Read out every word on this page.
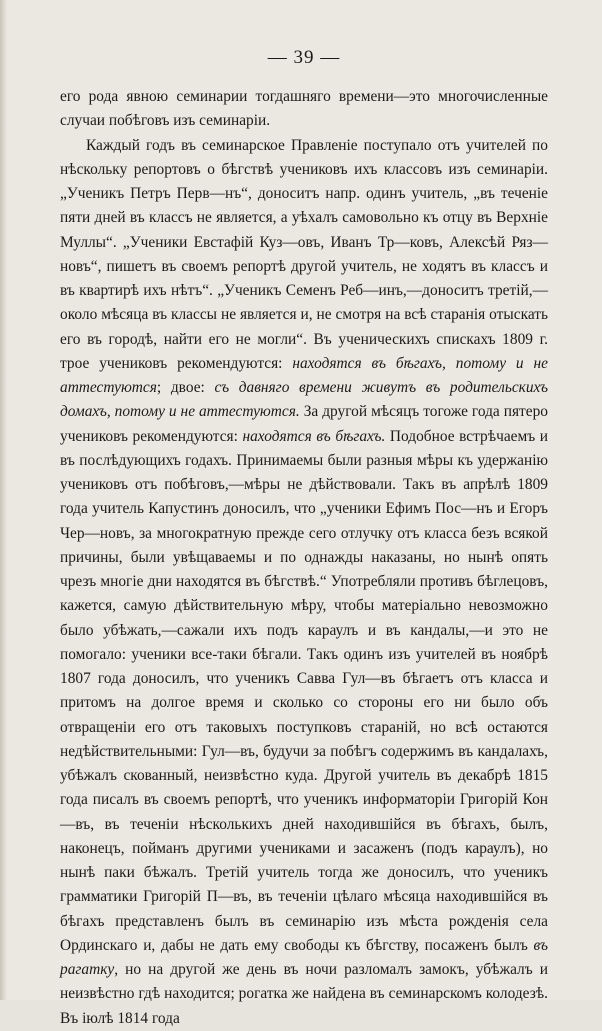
— 39 —

его рода явною семинарии тогдашняго времени—это многочисленные случаи побѣговъ изъ семинаріи.

Каждый годъ въ семинарское Правленіе поступало отъ учителей по нѣскольку репортовъ о бѣгствѣ учениковъ ихъ классовъ изъ семинаріи. „Ученикъ Петръ Перв—нъ“, доноситъ напр. одинъ учитель, „въ теченіе пяти дней въ классъ не является, а уѣхалъ самовольно къ отцу въ Верхніе Муллы“. „Ученики Евстафій Куз—овъ, Иванъ Тр—ковъ, Алексѣй Ряз—новъ“, пишетъ въ своемъ репортѣ другой учитель, не ходятъ въ классъ и въ квартирѣ ихъ нѣтъ“. „Ученикъ Семенъ Реб—инъ,—доноситъ третій,—около мѣсяца въ классы не является и, не смотря на всѣ старанія отыскать его въ городѣ, найти его не могли“. Въ ученическихъ спискахъ 1809 г. трое учениковъ рекомендуются: находятся въ бѣгахъ, потому и не аттестуются; двое: съ давняго времени живутъ въ родительскихъ домахъ, потому и не аттестуются. За другой мѣсяцъ тогоже года пятеро учениковъ рекомендуются: находятся въ бѣгахъ. Подобное встрѣчаемъ и въ послѣдующихъ годахъ. Принимаемы были разныя мѣры къ удержанію учениковъ отъ побѣговъ,—мѣры не дѣйствовали. Такъ въ апрѣлѣ 1809 года учитель Капустинъ доносилъ, что „ученики Ефимъ Пос—нъ и Егоръ Чер—новъ, за многократную прежде сего отлучку отъ класса безъ всякой причины, были увѣщаваемы и по однажды наказаны, но нынѣ опять чрезъ многіе дни находятся въ бѣгствѣ.“ Употребляли противъ бѣглецовъ, кажется, самую дѣйствительную мѣру, чтобы матеріально невозможно было убѣжать,—сажали ихъ подъ караулъ и въ кандалы,—и это не помогало: ученики все-таки бѣгали. Такъ одинъ изъ учителей въ ноябрѣ 1807 года доносилъ, что ученикъ Савва Гул—въ бѣгаетъ отъ класса и притомъ на долгое время и сколько со стороны его ни было объ отвращеніи его отъ таковыхъ поступковъ стараній, но всѣ остаются недѣйствительными: Гул—въ, будучи за побѣгъ содержимъ въ кандалахъ, убѣжалъ скованный, неизвѣстно куда. Другой учитель въ декабрѣ 1815 года писалъ въ своемъ репортѣ, что ученикъ информаторіи Григорій Кон—въ, въ теченіи нѣсколькихъ дней находившійся въ бѣгахъ, былъ, наконецъ, пойманъ другими учениками и засаженъ (подъ караулъ), но нынѣ паки бѣжалъ. Третій учитель тогда же доносилъ, что ученикъ грамматики Григорій П—въ, въ теченіи цѣлаго мѣсяца находившійся въ бѣгахъ представленъ былъ въ семинарію изъ мѣста рожденія села Ординскаго и, дабы не дать ему свободы къ бѣгству, посаженъ былъ въ рагатку, но на другой же день въ ночи разломалъ замокъ, убѣжалъ и неизвѣстно гдѣ находится; рогатка же найдена въ семинарскомъ колодезѣ. Въ іюлѣ 1814 года
